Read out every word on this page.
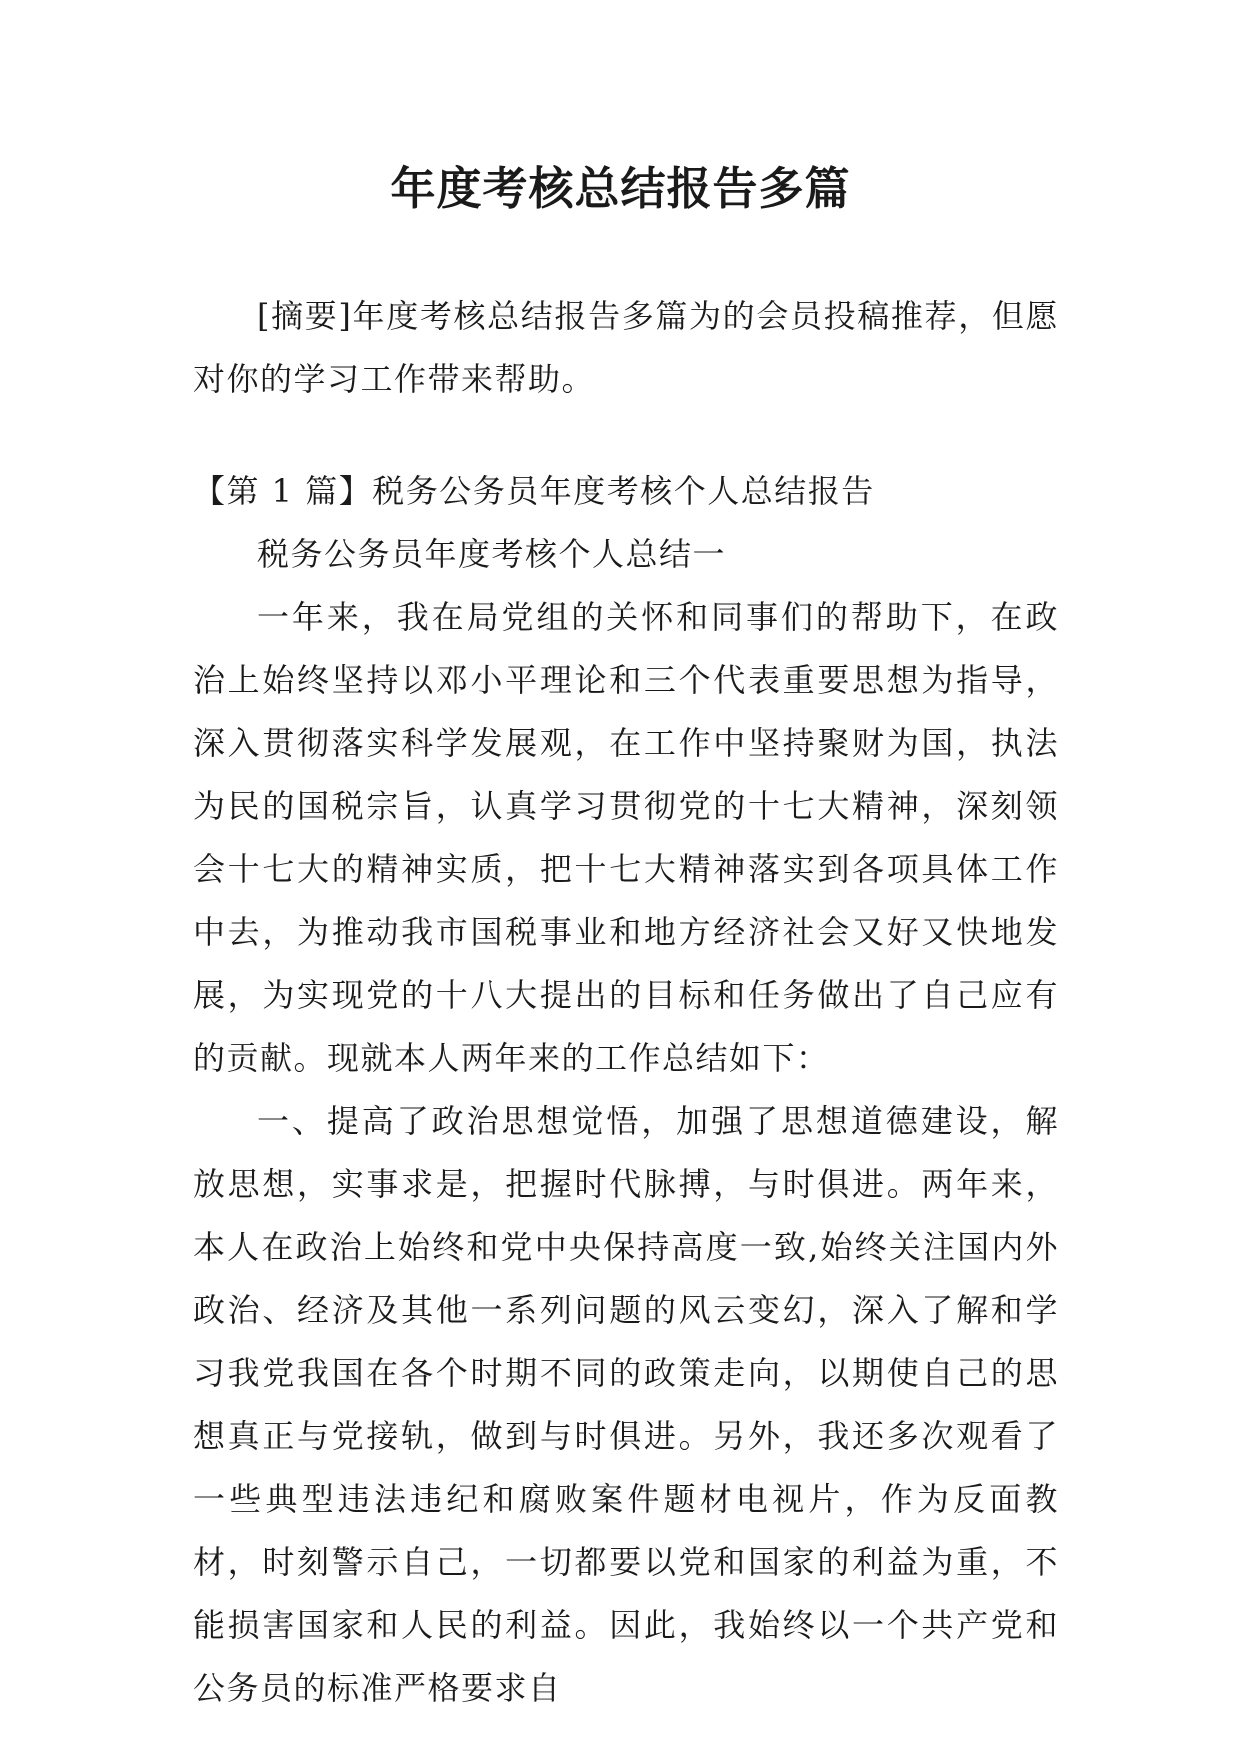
年度考核总结报告多篇

[摘要]年度考核总结报告多篇为的会员投稿推荐，但愿对你的学习工作带来帮助。

【第 1 篇】税务公务员年度考核个人总结报告

税务公务员年度考核个人总结一

一年来，我在局党组的关怀和同事们的帮助下，在政治上始终坚持以邓小平理论和三个代表重要思想为指导，深入贯彻落实科学发展观，在工作中坚持聚财为国，执法为民的国税宗旨，认真学习贯彻党的十七大精神，深刻领会十七大的精神实质，把十七大精神落实到各项具体工作中去，为推动我市国税事业和地方经济社会又好又快地发展，为实现党的十八大提出的目标和任务做出了自己应有的贡献。现就本人两年来的工作总结如下：

一、提高了政治思想觉悟，加强了思想道德建设，解放思想，实事求是，把握时代脉搏，与时俱进。两年来，本人在政治上始终和党中央保持高度一致,始终关注国内外政治、经济及其他一系列问题的风云变幻，深入了解和学习我党我国在各个时期不同的政策走向，以期使自己的思想真正与党接轨，做到与时俱进。另外，我还多次观看了一些典型违法违纪和腐败案件题材电视片，作为反面教材，时刻警示自己，一切都要以党和国家的利益为重，不能损害国家和人民的利益。因此，我始终以一个共产党和公务员的标准严格要求自
